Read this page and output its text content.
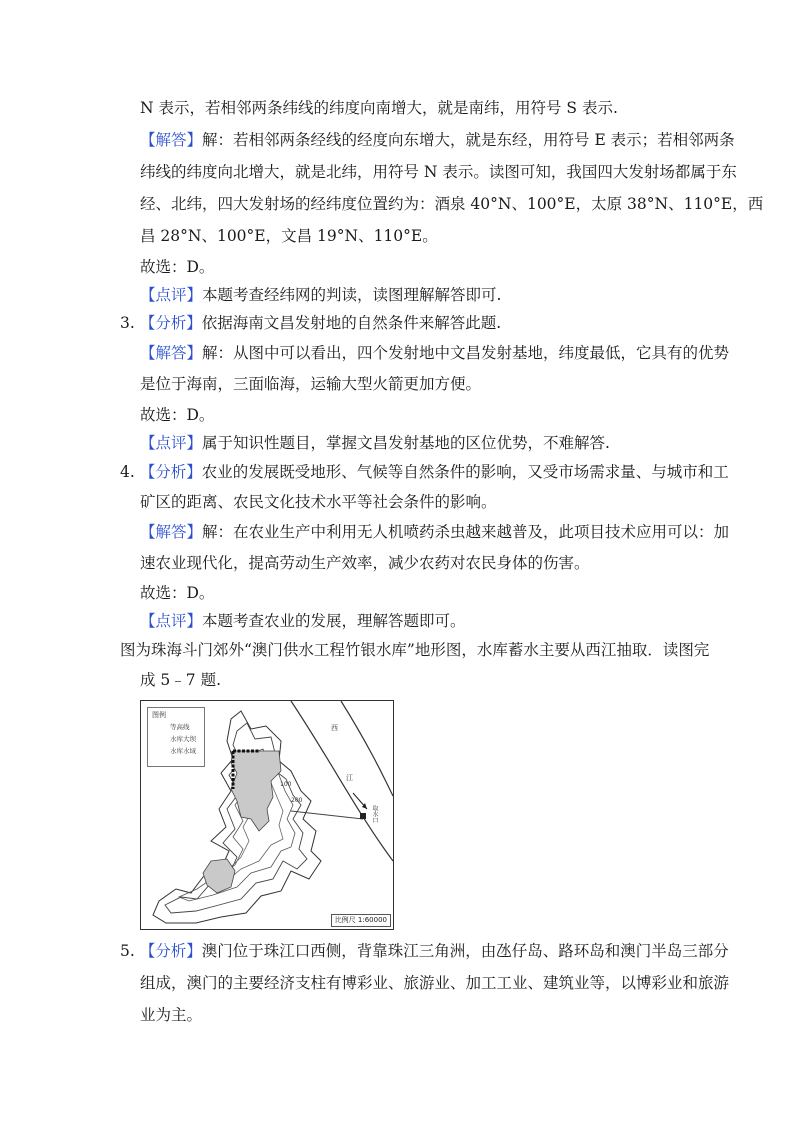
N 表示，若相邻两条纬线的纬度向南增大，就是南纬，用符号 S 表示.
【解答】解：若相邻两条经线的经度向东增大，就是东经，用符号 E 表示；若相邻两条
纬线的纬度向北增大，就是北纬，用符号 N 表示。读图可知，我国四大发射场都属于东
经、北纬，四大发射场的经纬度位置约为：酒泉 40°N、100°E，太原 38°N、110°E，西
昌 28°N、100°E，文昌 19°N、110°E。
故选：D。
【点评】本题考查经纬网的判读，读图理解解答即可.
3. 【分析】依据海南文昌发射地的自然条件来解答此题.
【解答】解：从图中可以看出，四个发射地中文昌发射基地，纬度最低，它具有的优势
是位于海南，三面临海，运输大型火箭更加方便。
故选：D。
【点评】属于知识性题目，掌握文昌发射基地的区位优势，不难解答.
4. 【分析】农业的发展既受地形、气候等自然条件的影响，又受市场需求量、与城市和工
矿区的距离、农民文化技术水平等社会条件的影响。
【解答】解：在农业生产中利用无人机喷药杀虫越来越普及，此项目技术应用可以：加
速农业现代化，提高劳动生产效率，减少农药对农民身体的伤害。
故选：D。
【点评】本题考查农业的发展，理解答题即可。
图为珠海斗门郊外“澳门供水工程竹银水库”地形图，水库蓄水主要从西江抽取．读图完
成 5﹣7 题.
图例
等高线
水库大坝
水库水域
西
江
100
200
取水口
比例尺 1:60000
5. 【分析】澳门位于珠江口西侧，背靠珠江三角洲，由氹仔岛、路环岛和澳门半岛三部分
组成，澳门的主要经济支柱有博彩业、旅游业、加工工业、建筑业等，以博彩业和旅游
业为主。
